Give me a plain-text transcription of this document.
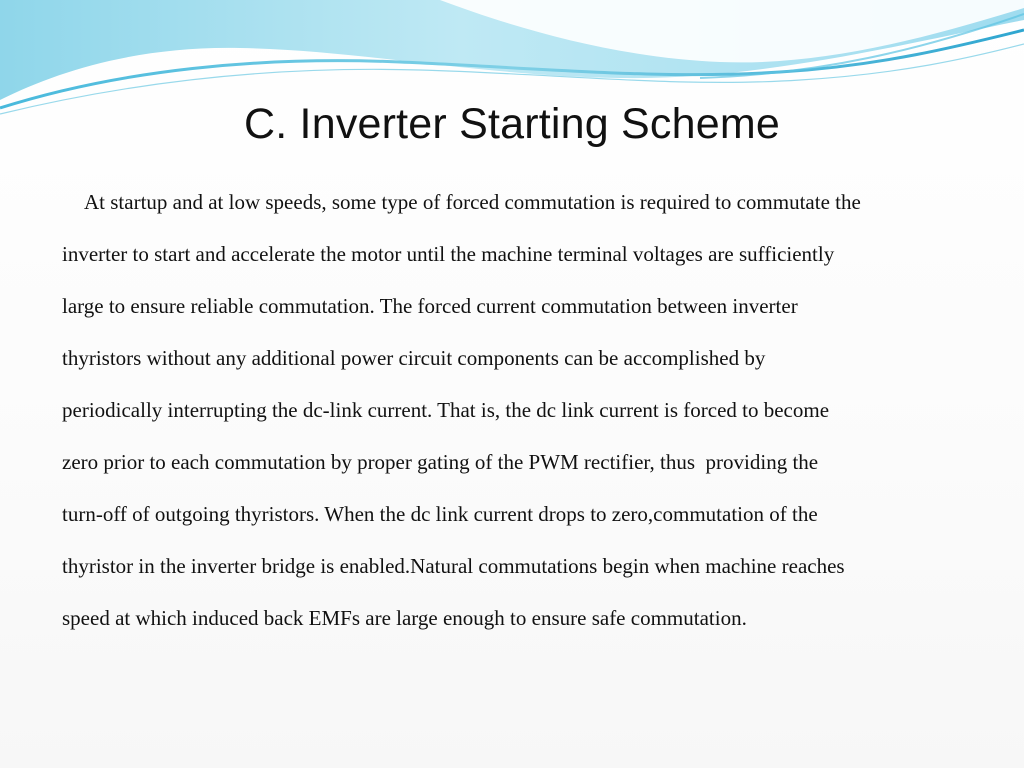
C. Inverter Starting Scheme

At startup and at low speeds, some type of forced commutation is required to commutate the
inverter to start and accelerate the motor until the machine terminal voltages are sufficiently
large to ensure reliable commutation. The forced current commutation between inverter
thyristors without any additional power circuit components can be accomplished by
periodically interrupting the dc-link current. That is, the dc link current is forced to become
zero prior to each commutation by proper gating of the PWM rectifier, thus  providing the
turn-off of outgoing thyristors. When the dc link current drops to zero,commutation of the
thyristor in the inverter bridge is enabled.Natural commutations begin when machine reaches
speed at which induced back EMFs are large enough to ensure safe commutation.
